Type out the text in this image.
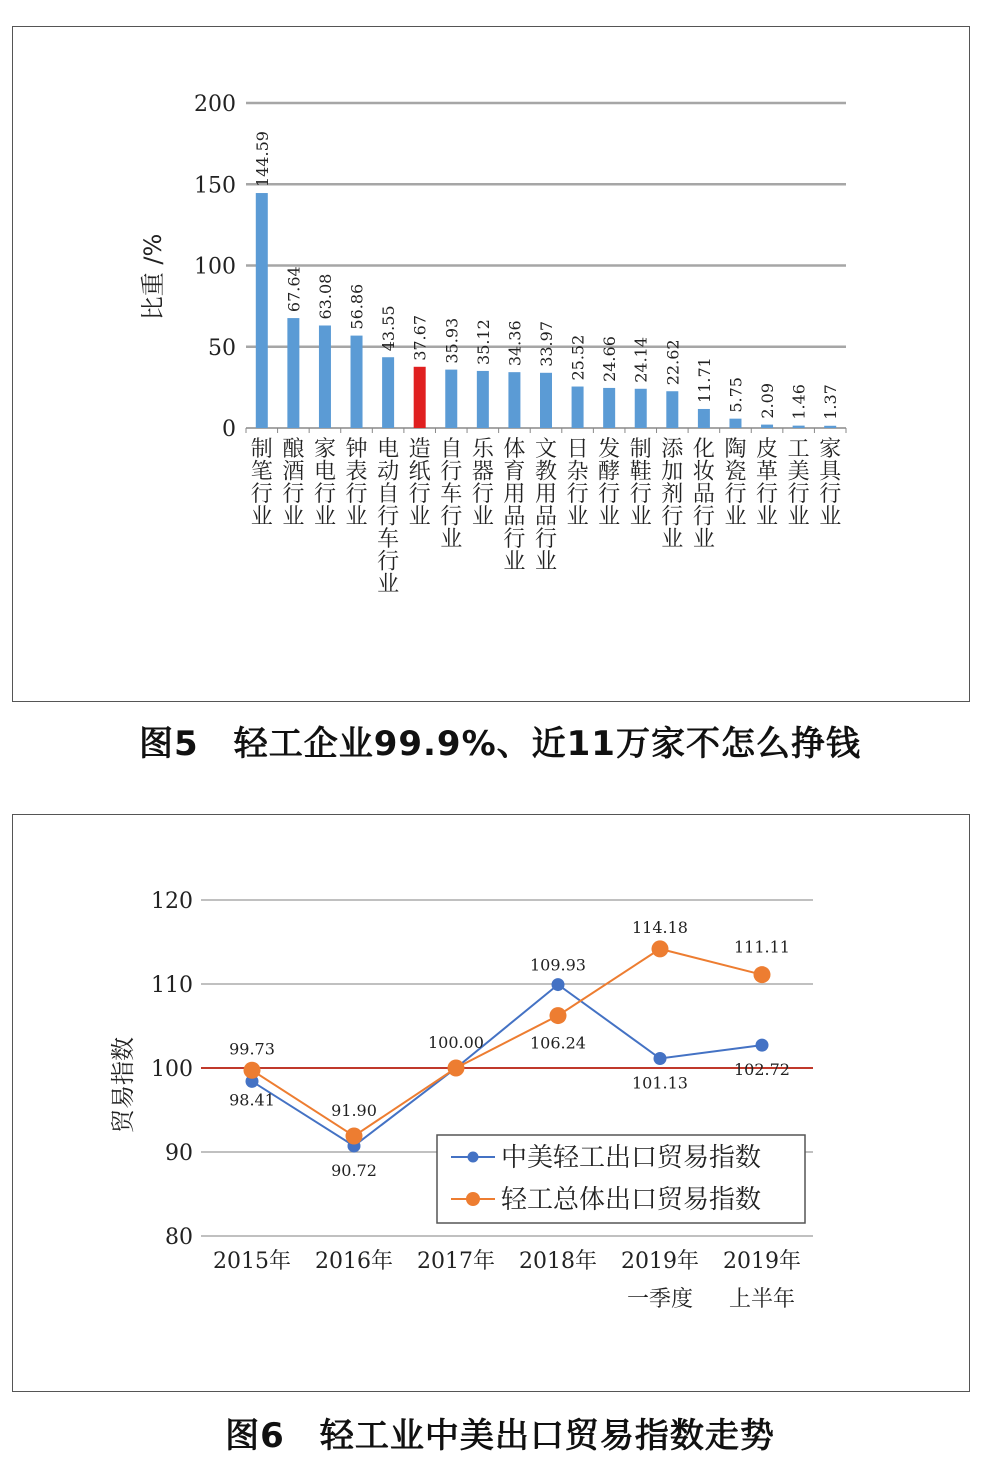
0
50
100
150
200
144.59
67.64 63.08 56.86 43.55 37.67 35.93 35.12 34.36 33.97 25.52 24.66 24.14 22.62 11.71 5.75 2.09 1.46 1.37
制
笔
行
业
酿
酒
行
业
家
电
行
业
钟
表
行
业
电
动
自
行
车
行
业
造
纸
行
业
自
行
车
行
业
乐
器
行
业
体
育
用
品
行
业
文
教
用
品
行
业
日
杂
行
业
发
酵
行
业
制
鞋
行
业
添
加
剂
行
业
化
妆
品
行
业
陶
瓷
行
业
皮
革
行
业
工
美
行
业
家
具
行
业
比重 /%
图5　轻工企业99.9%、近11万家不怎么挣钱
80
90
100
110
120
贸易指数
2015年 2016年 2017年 2018年 2019年
一季度
2019年
上半年
98.41
90.72
109.93
101.13
102.72
99.73
91.90
100.00	106.24
114.18
111.11
中美轻工出口贸易指数
轻工总体出口贸易指数
图6　轻工业中美出口贸易指数走势
